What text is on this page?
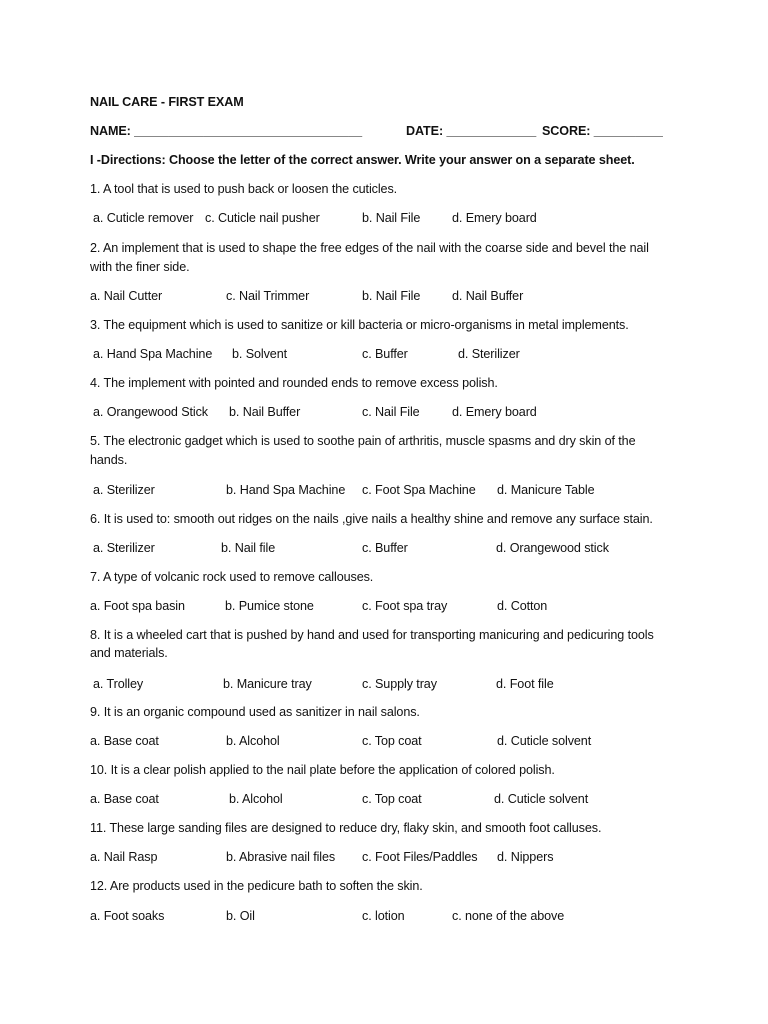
NAIL CARE - FIRST EXAM
NAME: _________________________________	DATE: _____________ SCORE: __________
I -Directions: Choose the letter of the correct answer. Write your answer on a separate sheet.
1. A tool that is used to push back or loosen the cuticles.
a. Cuticle remover c. Cuticle nail pusher	b. Nail File	d. Emery board
2. An implement that is used to shape the free edges of the nail with the coarse side and bevel the nail
with the finer side.
a. Nail Cutter	c. Nail Trimmer	b. Nail File	d. Nail Buffer
3. The equipment which is used to sanitize or kill bacteria or micro-organisms in metal implements.
a. Hand Spa Machine b. Solvent	c. Buffer	d. Sterilizer
4. The implement with pointed and rounded ends to remove excess polish.
a. Orangewood Stick b. Nail Buffer	c. Nail File	d. Emery board
5. The electronic gadget which is used to soothe pain of arthritis, muscle spasms and dry skin of the
hands.
a. Sterilizer	b. Hand Spa Machine c. Foot Spa Machine d. Manicure Table
6. It is used to: smooth out ridges on the nails ,give nails a healthy shine and remove any surface stain.
a. Sterilizer	b. Nail file	c. Buffer	d. Orangewood stick
7. A type of volcanic rock used to remove callouses.
a. Foot spa basin	b. Pumice stone	c. Foot spa tray	d. Cotton
8. It is a wheeled cart that is pushed by hand and used for transporting manicuring and pedicuring tools
and materials.
a. Trolley	b. Manicure tray	c. Supply tray	d. Foot file
9. It is an organic compound used as sanitizer in nail salons.
a. Base coat	b. Alcohol	c. Top coat	d. Cuticle solvent
10. It is a clear polish applied to the nail plate before the application of colored polish.
a. Base coat	b. Alcohol	c. Top coat	d. Cuticle solvent
11. These large sanding files are designed to reduce dry, flaky skin, and smooth foot calluses.
a. Nail Rasp	b. Abrasive nail files c. Foot Files/Paddles d. Nippers
12. Are products used in the pedicure bath to soften the skin.
a. Foot soaks	b. Oil	c. lotion	c. none of the above
